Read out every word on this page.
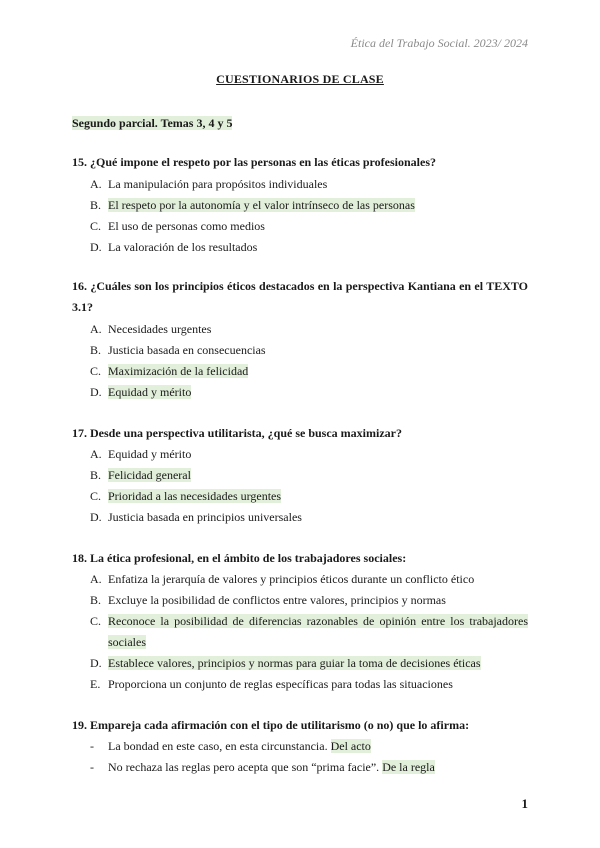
Ética del Trabajo Social. 2023/ 2024
CUESTIONARIOS DE CLASE
Segundo parcial. Temas 3, 4 y 5
15. ¿Qué impone el respeto por las personas en las éticas profesionales?
A. La manipulación para propósitos individuales
B. El respeto por la autonomía y el valor intrínseco de las personas
C. El uso de personas como medios
D. La valoración de los resultados
16. ¿Cuáles son los principios éticos destacados en la perspectiva Kantiana en el TEXTO 3.1?
A. Necesidades urgentes
B. Justicia basada en consecuencias
C. Maximización de la felicidad
D. Equidad y mérito
17. Desde una perspectiva utilitarista, ¿qué se busca maximizar?
A. Equidad y mérito
B. Felicidad general
C. Prioridad a las necesidades urgentes
D. Justicia basada en principios universales
18. La ética profesional, en el ámbito de los trabajadores sociales:
A. Enfatiza la jerarquía de valores y principios éticos durante un conflicto ético
B. Excluye la posibilidad de conflictos entre valores, principios y normas
C. Reconoce la posibilidad de diferencias razonables de opinión entre los trabajadores sociales
D. Establece valores, principios y normas para guiar la toma de decisiones éticas
E. Proporciona un conjunto de reglas específicas para todas las situaciones
19. Empareja cada afirmación con el tipo de utilitarismo (o no) que lo afirma:
- La bondad en este caso, en esta circunstancia. Del acto
- No rechaza las reglas pero acepta que son “prima facie”. De la regla
1
